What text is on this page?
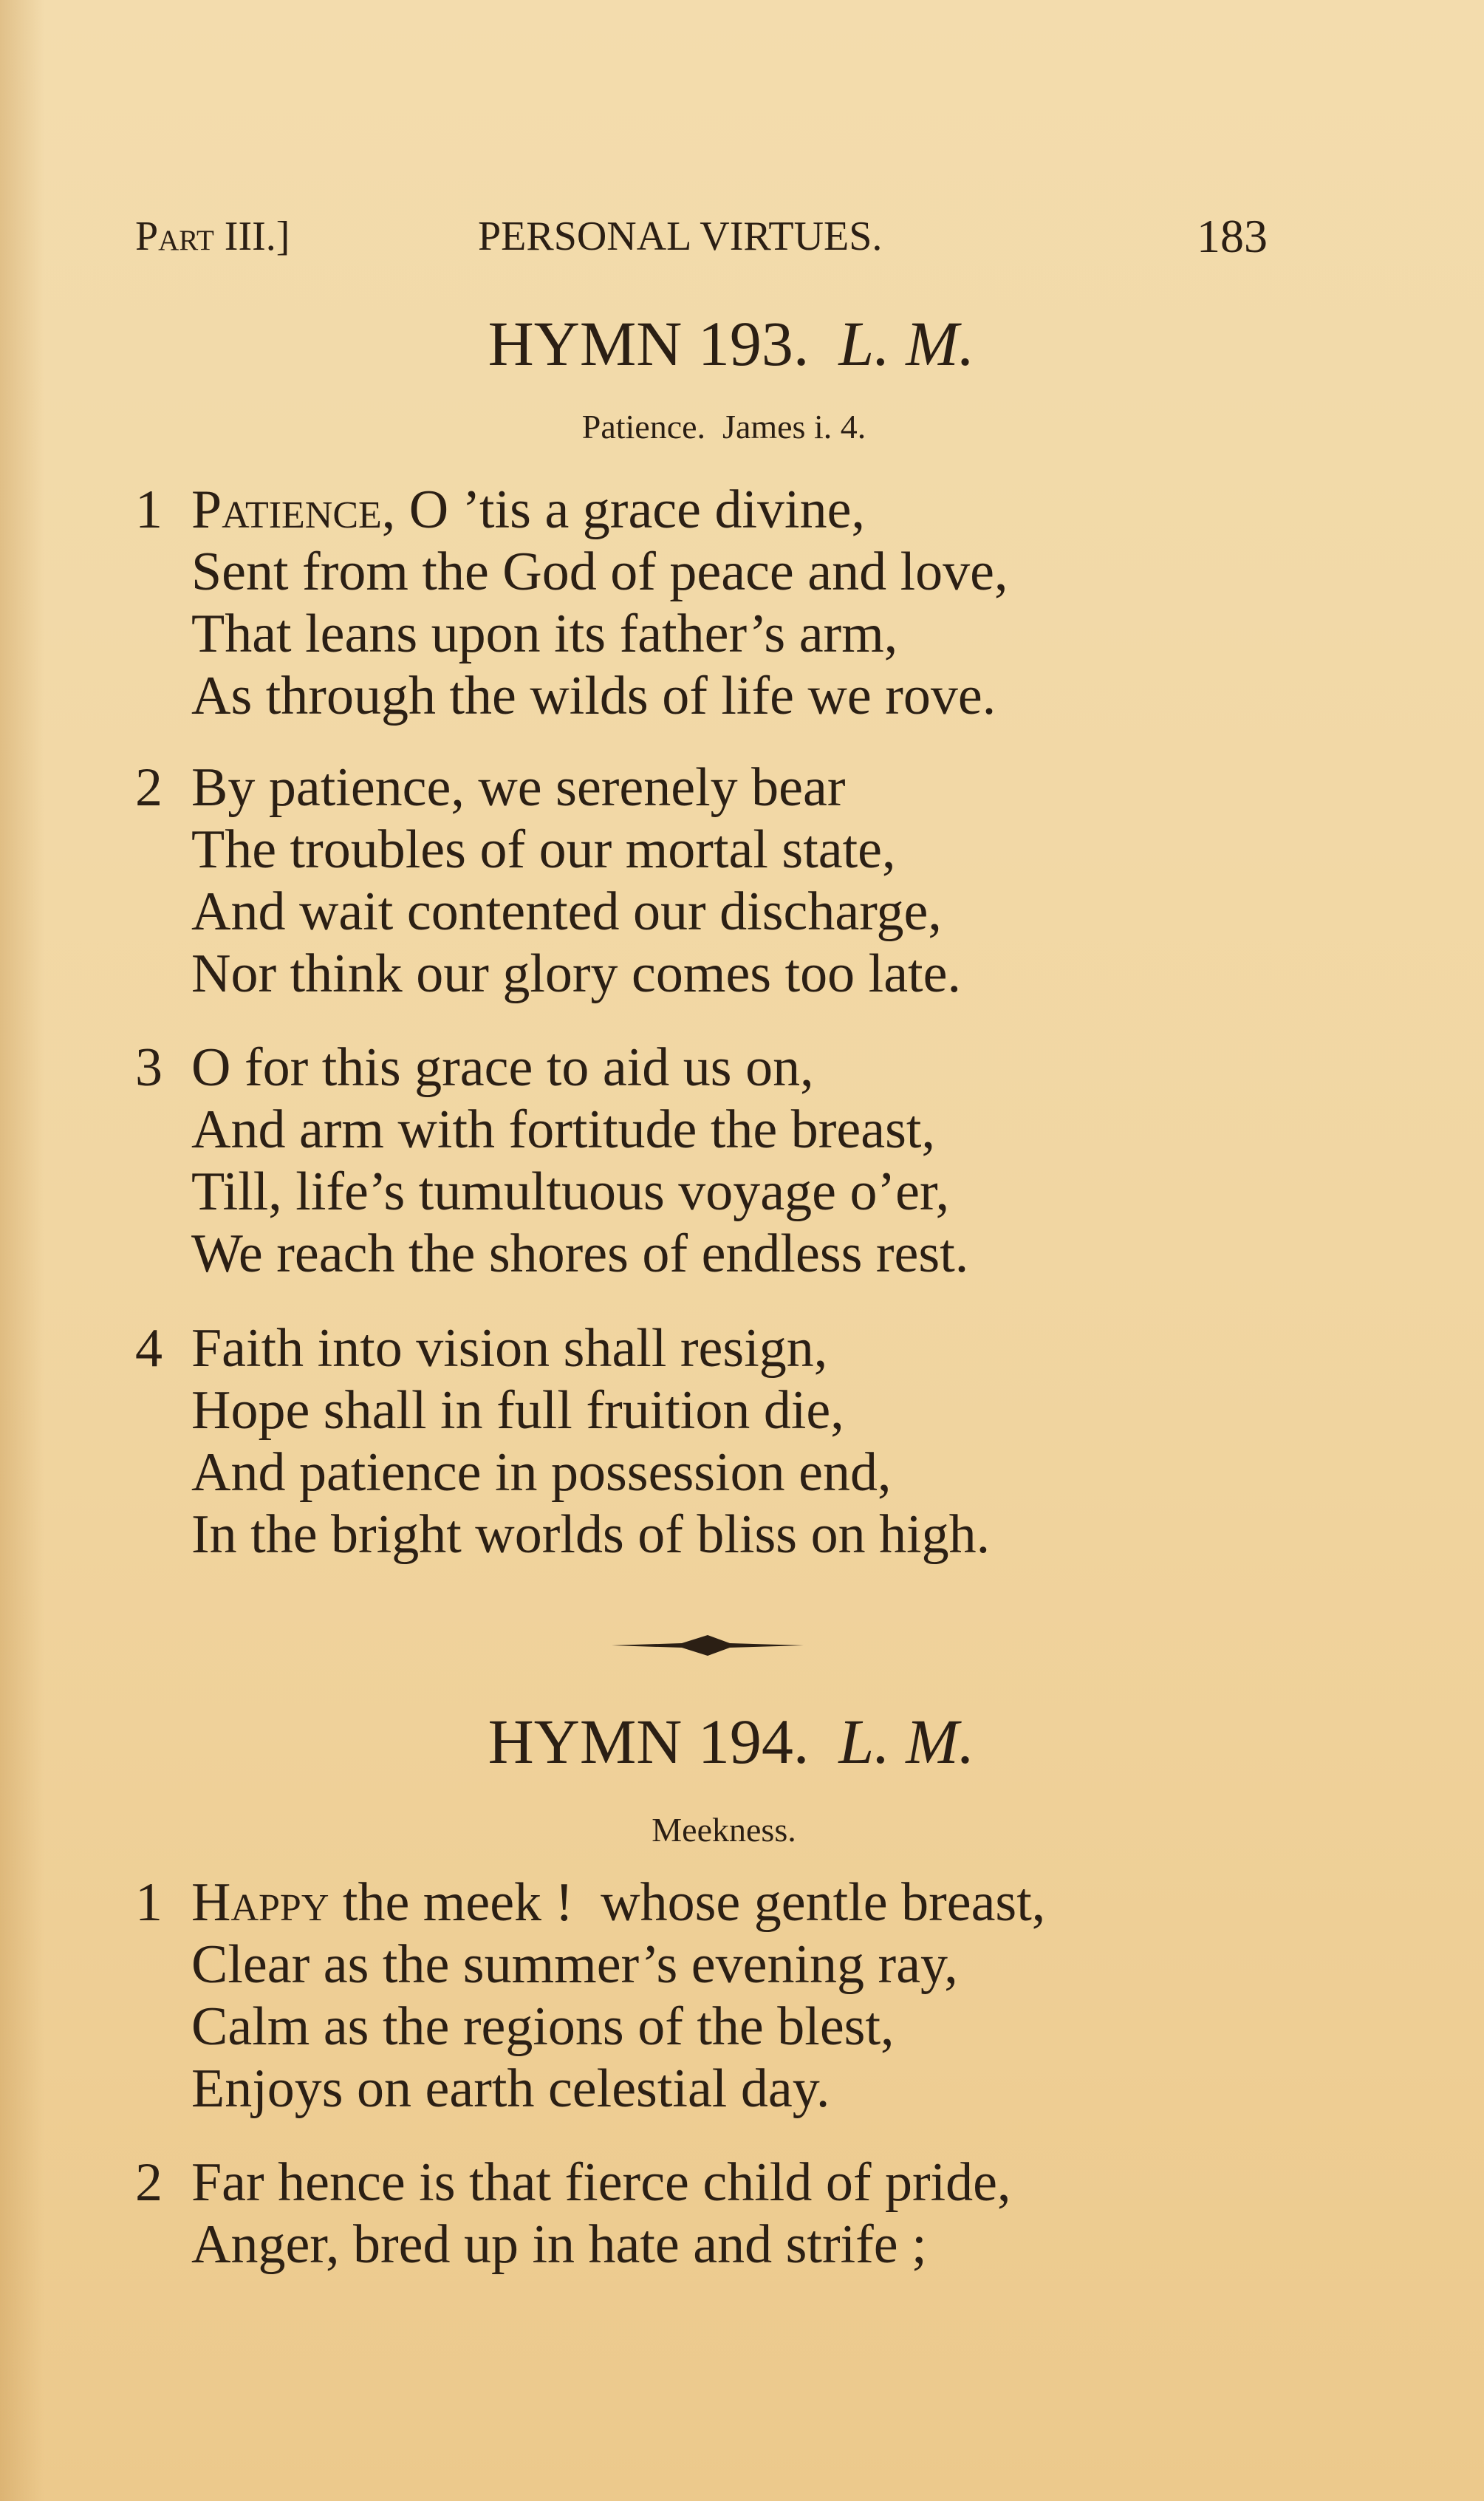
Part III.]	PERSONAL VIRTUES.	183
HYMN 193. L. M.
Patience.  James i. 4.
1 Patience, O ’tis a grace divine,
Sent from the God of peace and love,
That leans upon its father’s arm,
As through the wilds of life we rove.
2 By patience, we serenely bear
The troubles of our mortal state,
And wait contented our discharge,
Nor think our glory comes too late.
3 O for this grace to aid us on,
And arm with fortitude the breast,
Till, life’s tumultuous voyage o’er,
We reach the shores of endless rest.
4 Faith into vision shall resign,
Hope shall in full fruition die,
And patience in possession end,
In the bright worlds of bliss on high.
HYMN 194. L. M.
Meekness.
1 Happy the meek !  whose gentle breast,
Clear as the summer’s evening ray,
Calm as the regions of the blest,
Enjoys on earth celestial day.
2 Far hence is that fierce child of pride,
Anger, bred up in hate and strife ;
